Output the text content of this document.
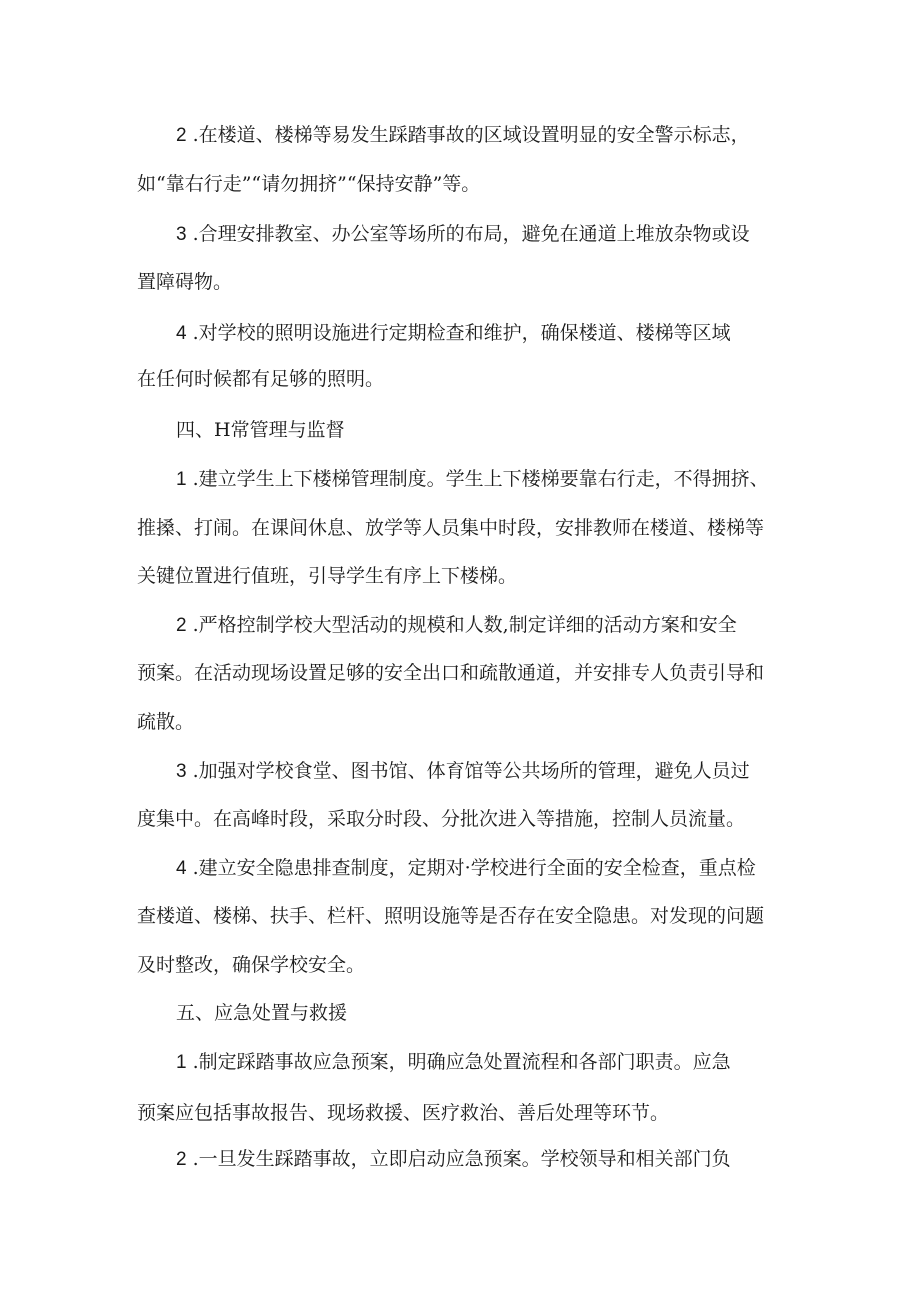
2 .在楼道、楼梯等易发生踩踏事故的区域设置明显的安全警示标志，
如“靠右行走”“请勿拥挤”“保持安静”等。
3 .合理安排教室、办公室等场所的布局，避免在通道上堆放杂物或设
置障碍物。
4 .对学校的照明设施进行定期检查和维护，确保楼道、楼梯等区域
在任何时候都有足够的照明。
四、H常管理与监督
1 .建立学生上下楼梯管理制度。学生上下楼梯要靠右行走，不得拥挤、
推搡、打闹。在课间休息、放学等人员集中时段，安排教师在楼道、楼梯等
关键位置进行值班，引导学生有序上下楼梯。
2 .严格控制学校大型活动的规模和人数,制定详细的活动方案和安全
预案。在活动现场设置足够的安全出口和疏散通道，并安排专人负责引导和
疏散。
3 .加强对学校食堂、图书馆、体育馆等公共场所的管理，避免人员过
度集中。在高峰时段，采取分时段、分批次进入等措施，控制人员流量。
4 .建立安全隐患排查制度，定期对·学校进行全面的安全检查，重点检
查楼道、楼梯、扶手、栏杆、照明设施等是否存在安全隐患。对发现的问题
及时整改，确保学校安全。
五、应急处置与救援
1 .制定踩踏事故应急预案，明确应急处置流程和各部门职责。应急
预案应包括事故报告、现场救援、医疗救治、善后处理等环节。
2 .一旦发生踩踏事故，立即启动应急预案。学校领导和相关部门负
